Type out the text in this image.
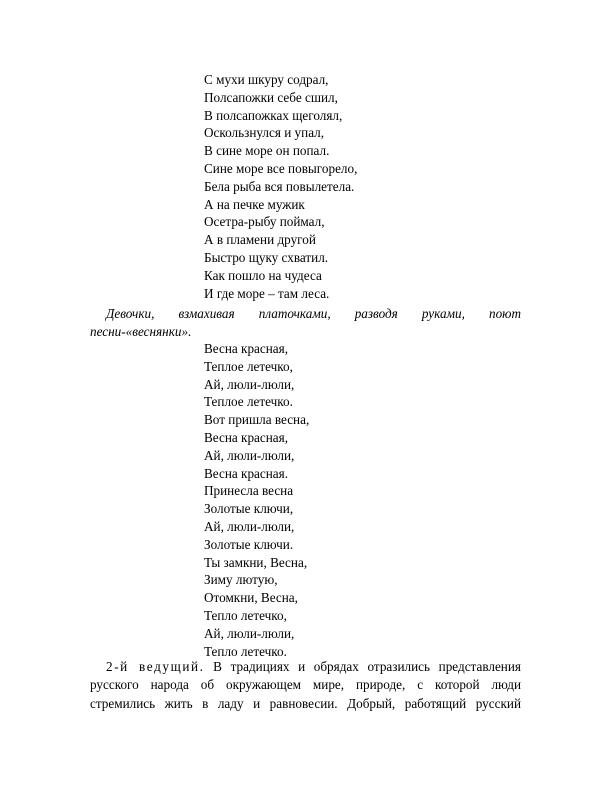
С мухи шкуру содрал,
Полсапожки себе сшил,
В полсапожках щеголял,
Оскользнулся и упал,
В сине море он попал.
Сине море все повыгорело,
Бела рыба вся повылетела.
А на печке мужик
Осетра-рыбу поймал,
А в пламени другой
Быстро щуку схватил.
Как пошло на чудеса
И где море – там леса.
Девочки, взмахивая платочками, разводя руками, поют
песни-«веснянки».
Весна красная,
Теплое летечко,
Ай, люли-люли,
Теплое летечко.
Вот пришла весна,
Весна красная,
Ай, люли-люли,
Весна красная.
Принесла весна
Золотые ключи,
Ай, люли-люли,
Золотые ключи.
Ты замкни, Весна,
Зиму лютую,
Отомкни, Весна,
Тепло летечко,
Ай, люли-люли,
Тепло летечко.
2-й ведущий. В традициях и обрядах отразились представления
русского народа об окружающем мире, природе, с которой люди
стремились жить в ладу и равновесии. Добрый, работящий русский
